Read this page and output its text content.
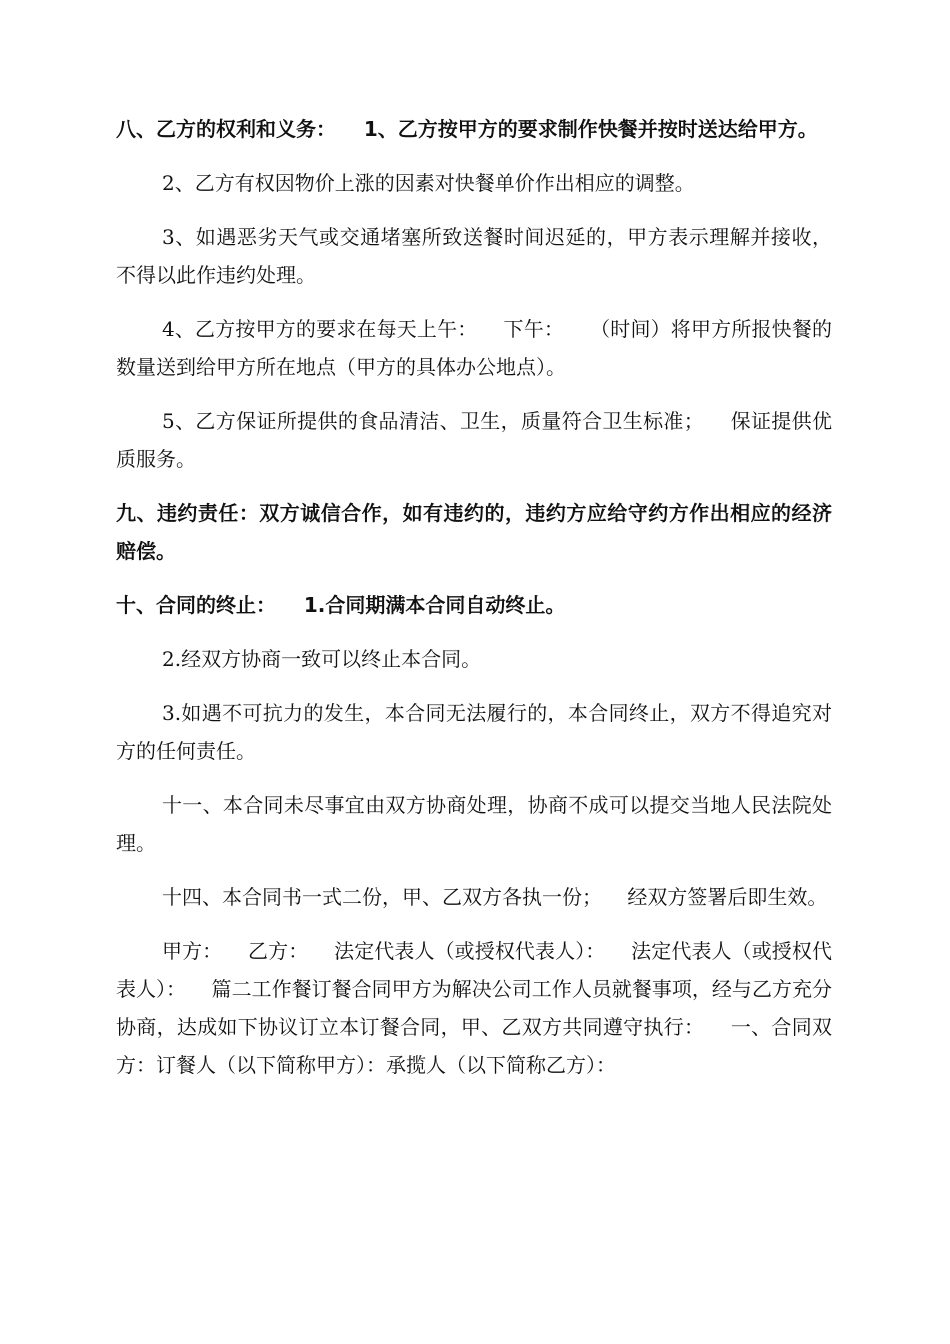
八、乙方的权利和义务：    1、乙方按甲方的要求制作快餐并按时送达给甲方。

2、乙方有权因物价上涨的因素对快餐单价作出相应的调整。

3、如遇恶劣天气或交通堵塞所致送餐时间迟延的，甲方表示理解并接收，不得以此作违约处理。

4、乙方按甲方的要求在每天上午：    下午：    （时间）将甲方所报快餐的数量送到给甲方所在地点（甲方的具体办公地点）。

5、乙方保证所提供的食品清洁、卫生，质量符合卫生标准；    保证提供优质服务。

九、违约责任：双方诚信合作，如有违约的，违约方应给守约方作出相应的经济赔偿。

十、合同的终止：    1.合同期满本合同自动终止。

2.经双方协商一致可以终止本合同。

3.如遇不可抗力的发生，本合同无法履行的，本合同终止，双方不得追究对方的任何责任。

十一、本合同未尽事宜由双方协商处理，协商不成可以提交当地人民法院处理。

十四、本合同书一式二份，甲、乙双方各执一份；    经双方签署后即生效。

甲方：    乙方：    法定代表人（或授权代表人）：    法定代表人（或授权代表人）：    篇二工作餐订餐合同甲方为解决公司工作人员就餐事项，经与乙方充分协商，达成如下协议订立本订餐合同，甲、乙双方共同遵守执行：    一、合同双方：订餐人（以下简称甲方）：承揽人（以下简称乙方）：
